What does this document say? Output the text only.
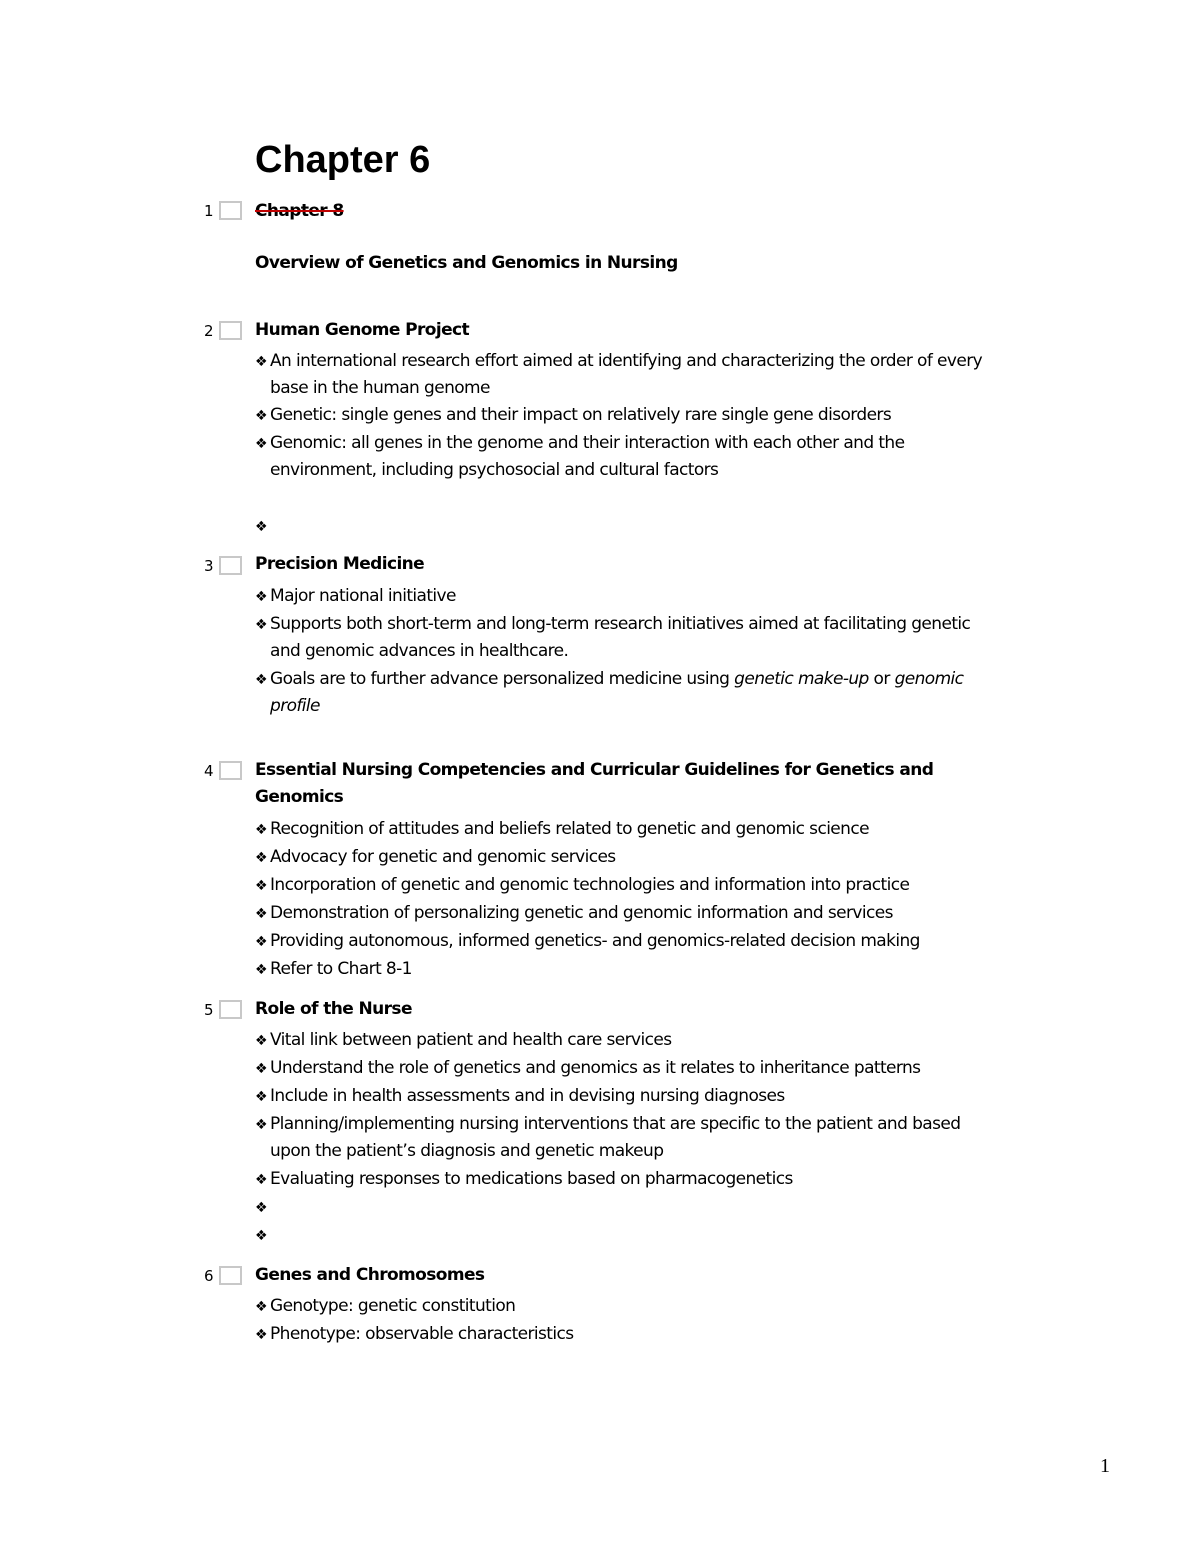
Chapter 6
1 Chapter 8
Overview of Genetics and Genomics in Nursing
2 Human Genome Project
❖ An international research effort aimed at identifying and characterizing the order of every base in the human genome
❖ Genetic: single genes and their impact on relatively rare single gene disorders
❖ Genomic: all genes in the genome and their interaction with each other and the environment, including psychosocial and cultural factors
❖
3 Precision Medicine
❖ Major national initiative
❖ Supports both short-term and long-term research initiatives aimed at facilitating genetic and genomic advances in healthcare.
❖ Goals are to further advance personalized medicine using genetic make-up or genomic profile
4 Essential Nursing Competencies and Curricular Guidelines for Genetics and Genomics
❖ Recognition of attitudes and beliefs related to genetic and genomic science
❖ Advocacy for genetic and genomic services
❖ Incorporation of genetic and genomic technologies and information into practice
❖ Demonstration of personalizing genetic and genomic information and services
❖ Providing autonomous, informed genetics- and genomics-related decision making
❖ Refer to Chart 8-1
5 Role of the Nurse
❖ Vital link between patient and health care services
❖ Understand the role of genetics and genomics as it relates to inheritance patterns
❖ Include in health assessments and in devising nursing diagnoses
❖ Planning/implementing nursing interventions that are specific to the patient and based upon the patient’s diagnosis and genetic makeup
❖ Evaluating responses to medications based on pharmacogenetics
❖
❖
6 Genes and Chromosomes
❖ Genotype: genetic constitution
❖ Phenotype: observable characteristics
1
